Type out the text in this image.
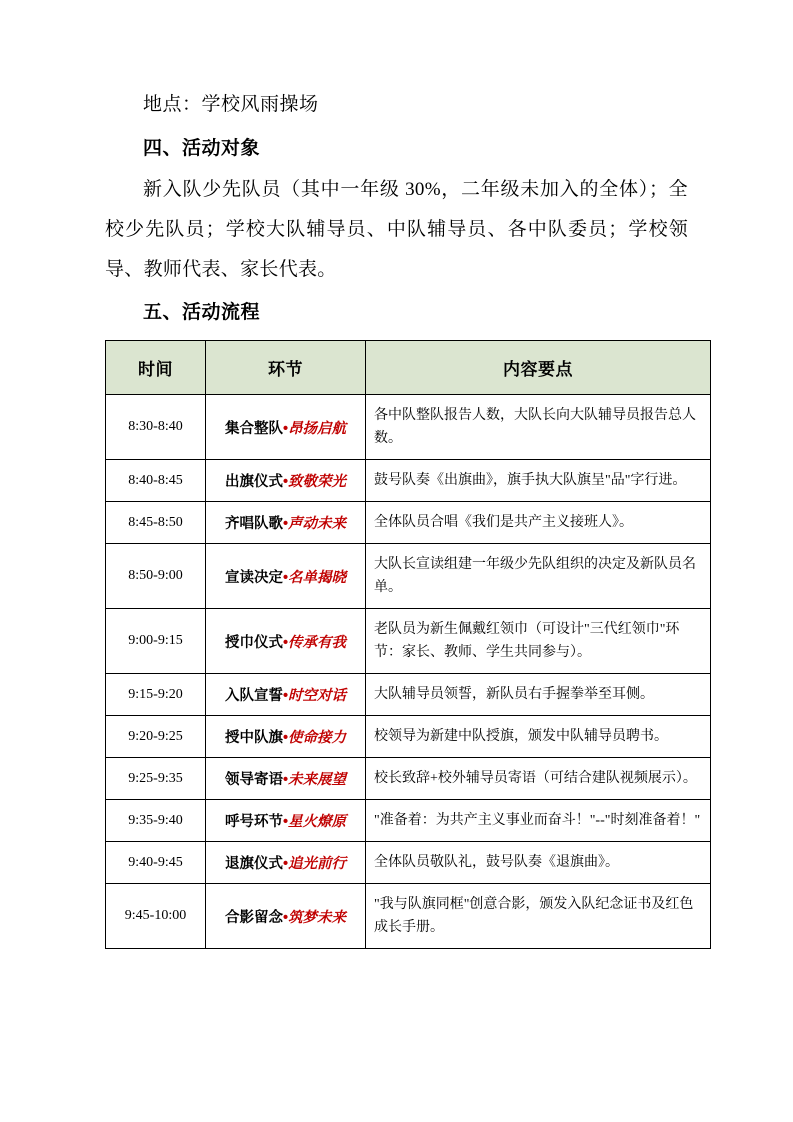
地点：学校风雨操场

四、活动对象

新入队少先队员（其中一年级 30%，二年级未加入的全体）；全校少先队员；学校大队辅导员、中队辅导员、各中队委员；学校领导、教师代表、家长代表。

五、活动流程

时间	环节	内容要点
8:30-8:40	集合整队•昂扬启航	各中队整队报告人数，大队长向大队辅导员报告总人数。
8:40-8:45	出旗仪式•致敬荣光	鼓号队奏《出旗曲》，旗手执大队旗呈"品"字行进。
8:45-8:50	齐唱队歌•声动未来	全体队员合唱《我们是共产主义接班人》。
8:50-9:00	宣读决定•名单揭晓	大队长宣读组建一年级少先队组织的决定及新队员名单。
9:00-9:15	授巾仪式•传承有我	老队员为新生佩戴红领巾（可设计"三代红领巾"环节：家长、教师、学生共同参与）。
9:15-9:20	入队宣誓•时空对话	大队辅导员领誓，新队员右手握拳举至耳侧。
9:20-9:25	授中队旗•使命接力	校领导为新建中队授旗，颁发中队辅导员聘书。
9:25-9:35	领导寄语•未来展望	校长致辞+校外辅导员寄语（可结合建队视频展示）。
9:35-9:40	呼号环节•星火燎原	"准备着：为共产主义事业而奋斗！"--"时刻准备着！"
9:40-9:45	退旗仪式•追光前行	全体队员敬队礼，鼓号队奏《退旗曲》。
9:45-10:00	合影留念•筑梦未来	"我与队旗同框"创意合影，颁发入队纪念证书及红色成长手册。
